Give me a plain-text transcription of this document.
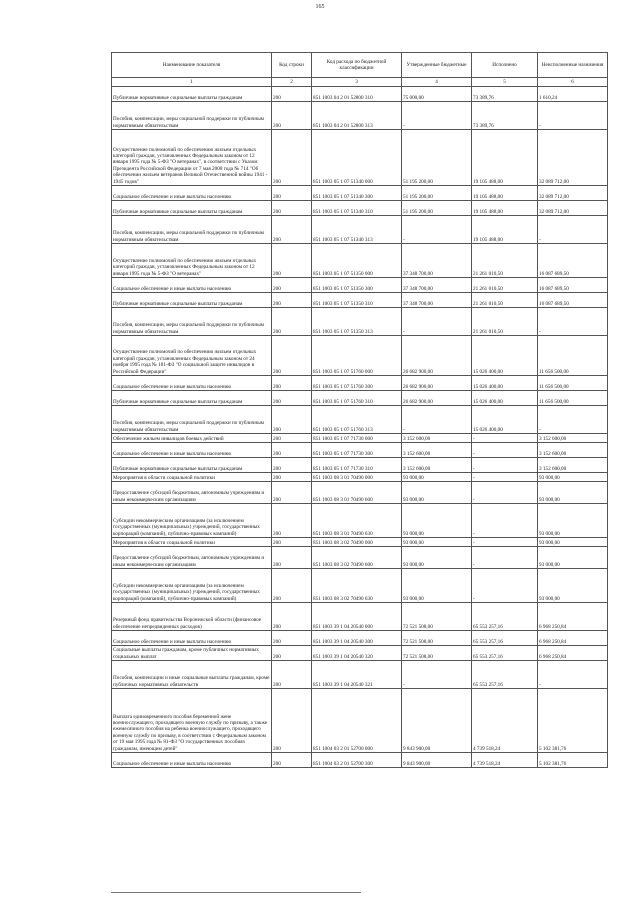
165
Наименование показателя	Код строки	Код расхода по бюджетной классификации	Утвержденные бюджетные	Исполнено	Неисполненные назначения
1	2	3	4	5	6
Публичные нормативные социальные выплаты гражданам	200	851 1003 04 2 01 52800 310	75 000,00	73 389,76	1 610,24
Пособия, компенсации, меры социальной поддержки по публичным нормативным обязательствам	200	851 1003 04 2 01 52800 313	-	73 389,76	-
Осуществление полномочий по обеспечению жильем отдельных категорий граждан, установленных Федеральным законом от 12 января 1995 года № 5-ФЗ "О ветеранах", в соответствии с Указом Президента Российской Федерации от 7 мая 2008 года № 714 "Об обеспечении жильем ветеранов Великой Отечественной войны 1941 - 1945 годов"	200	851 1003 05 1 07 51340 000	51 195 200,00	19 105 488,00	32 089 712,00
Социальное обеспечение и иные выплаты населению	200	851 1003 05 1 07 51340 300	51 195 200,00	19 105 488,00	32 089 712,00
Публичные нормативные социальные выплаты гражданам	200	851 1003 05 1 07 51340 310	51 195 200,00	19 105 488,00	32 089 712,00
Пособия, компенсации, меры социальной поддержки по публичным нормативным обязательствам	200	851 1003 05 1 07 51340 313	-	19 105 488,00	-
Осуществление полномочий по обеспечению жильем отдельных категорий граждан, установленных Федеральным законом от 12 января 1995 года № 5-ФЗ "О ветеранах"	200	851 1003 05 1 07 51350 000	37 348 700,00	21 261 010,50	16 087 689,50
Социальное обеспечение и иные выплаты населению	200	851 1003 05 1 07 51350 300	37 348 700,00	21 261 010,50	16 087 689,50
Публичные нормативные социальные выплаты гражданам	200	851 1003 05 1 07 51350 310	37 348 700,00	21 261 010,50	16 087 689,50
Пособия, компенсации, меры социальной поддержки по публичным нормативным обязательствам	200	851 1003 05 1 07 51350 313	-	21 261 010,50	-
Осуществление полномочий по обеспечению жильем отдельных категорий граждан, установленных Федеральным законом от 24 ноября 1995 года № 181-ФЗ "О социальной защите инвалидов в Российской Федерации"	200	851 1003 05 1 07 51760 000	26 682 900,00	15 026 400,00	11 656 500,00
Социальное обеспечение и иные выплаты населению	200	851 1003 05 1 07 51760 300	26 682 900,00	15 026 400,00	11 656 500,00
Публичные нормативные социальные выплаты гражданам	200	851 1003 05 1 07 51760 310	26 682 900,00	15 026 400,00	11 656 500,00
Пособия, компенсации, меры социальной поддержки по публичным нормативным обязательствам	200	851 1003 05 1 07 51760 313	-	15 026 400,00	-
Обеспечение жильем инвалидов боевых действий	200	851 1003 05 1 07 71730 000	3 152 600,00	-	3 152 600,00
Социальное обеспечение и иные выплаты населению	200	851 1003 05 1 07 71730 300	3 152 600,00	-	3 152 600,00
Публичные нормативные социальные выплаты гражданам	200	851 1003 05 1 07 71730 310	3 152 600,00	-	3 152 600,00
Мероприятия в области социальной политики	200	851 1003 08 3 01 70490 000	93 000,00	-	93 000,00
Предоставление субсидий бюджетным, автономным учреждениям и иным некоммерческим организациям	200	851 1003 08 3 01 70490 600	93 000,00	-	93 000,00
Субсидии некоммерческим организациям (за исключением государственных (муниципальных) учреждений, государственных корпораций (компаний), публично-правовых компаний)	200	851 1003 08 3 01 70490 630	93 000,00	-	93 000,00
Мероприятия в области социальной политики	200	851 1003 08 3 02 70490 000	93 000,00	-	93 000,00
Предоставление субсидий бюджетным, автономным учреждениям и иным некоммерческим организациям	200	851 1003 08 3 02 70490 600	93 000,00	-	93 000,00
Субсидии некоммерческим организациям (за исключением государственных (муниципальных) учреждений, государственных корпораций (компаний), публично-правовых компаний)	200	851 1003 08 3 02 70490 630	93 000,00	-	93 000,00
Резервный фонд правительства Воронежской области (финансовое обеспечение непредвиденных расходов)	200	851 1003 39 1 04 20540 000	72 521 508,00	65 553 257,16	6 968 250,84
Социальное обеспечение и иные выплаты населению	200	851 1003 39 1 04 20540 300	72 521 508,00	65 553 257,16	6 968 250,84
Социальные выплаты гражданам, кроме публичных нормативных социальных выплат	200	851 1003 39 1 04 20540 320	72 521 508,00	65 553 257,16	6 968 250,84
Пособия, компенсации и иные социальные выплаты гражданам, кроме публичных нормативных обязательств	200	851 1003 39 1 04 20540 321	-	65 553 257,16	-
Выплата единовременного пособия беременной жене военнослужащего, проходящего военную службу по призыву, а также ежемесячного пособия на ребенка военнослужащего, проходящего военную службу по призыву, в соответствии с Федеральным законом от 19 мая 1995 года № 81-ФЗ "О государственных пособиях гражданам, имеющим детей"	200	851 1004 03 2 01 52700 000	9 843 900,00	4 739 518,24	5 102 381,76
Социальное обеспечение и иные выплаты населению	200	851 1004 03 2 01 52700 300	9 843 900,00	4 739 518,24	5 102 381,76
